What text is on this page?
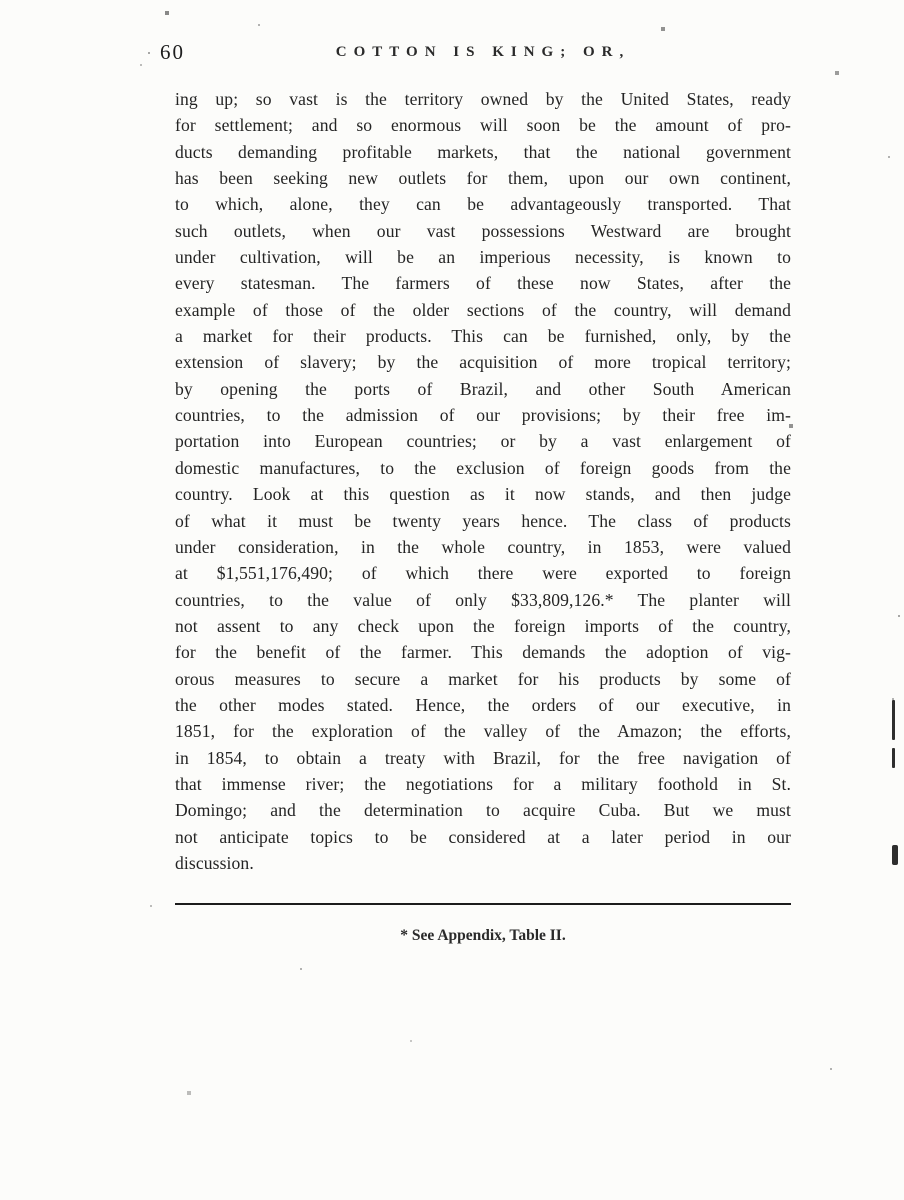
60	COTTON IS KING; OR,
ing up; so vast is the territory owned by the United States, ready
for settlement; and so enormous will soon be the amount of pro-
ducts demanding profitable markets, that the national government
has been seeking new outlets for them, upon our own continent,
to which, alone, they can be advantageously transported. That
such outlets, when our vast possessions Westward are brought
under cultivation, will be an imperious necessity, is known to
every statesman. The farmers of these now States, after the
example of those of the older sections of the country, will demand
a market for their products. This can be furnished, only, by the
extension of slavery; by the acquisition of more tropical territory;
by opening the ports of Brazil, and other South American
countries, to the admission of our provisions; by their free im-
portation into European countries; or by a vast enlargement of
domestic manufactures, to the exclusion of foreign goods from the
country. Look at this question as it now stands, and then judge
of what it must be twenty years hence. The class of products
under consideration, in the whole country, in 1853, were valued
at $1,551,176,490; of which there were exported to foreign
countries, to the value of only $33,809,126.* The planter will
not assent to any check upon the foreign imports of the country,
for the benefit of the farmer. This demands the adoption of vig-
orous measures to secure a market for his products by some of
the other modes stated. Hence, the orders of our executive, in
1851, for the exploration of the valley of the Amazon; the efforts,
in 1854, to obtain a treaty with Brazil, for the free navigation of
that immense river; the negotiations for a military foothold in St.
Domingo; and the determination to acquire Cuba. But we must
not anticipate topics to be considered at a later period in our
discussion.
* See Appendix, Table II.
